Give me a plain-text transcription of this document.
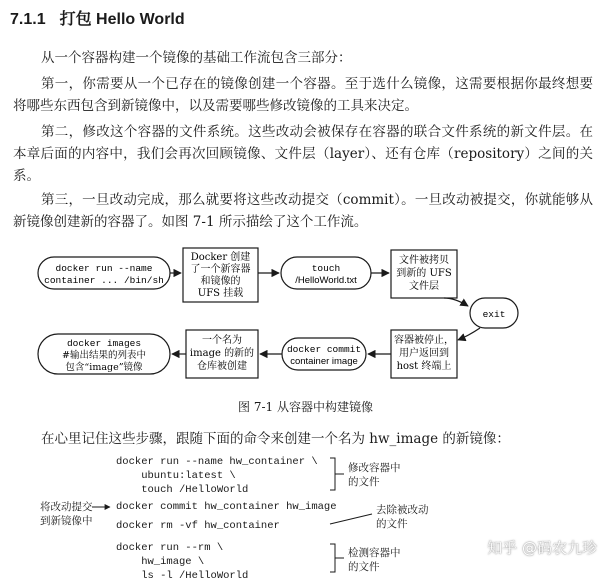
7.1.1 打包 Hello World
从一个容器构建一个镜像的基础工作流包含三部分：
第一，你需要从一个已存在的镜像创建一个容器。至于选什么镜像，这需要根据你最终想要将哪些东西包含到新镜像中，以及需要哪些修改镜像的工具来决定。
第二，修改这个容器的文件系统。这些改动会被保存在容器的联合文件系统的新文件层。在本章后面的内容中，我们会再次回顾镜像、文件层（layer）、还有仓库（repository）之间的关系。
第三，一旦改动完成，那么就要将这些改动提交（commit）。一旦改动被提交，你就能够从新镜像创建新的容器了。如图 7-1 所示描绘了这个工作流。
docker run --name
container ... /bin/sh
Docker 创建
了一个新容器
和镜像的
UFS 挂载
touch
/HelloWorld.txt
文件被拷贝
到新的 UFS
文件层
exit
容器被停止，
用户返回到
host 终端上
docker commit
container image
一个名为
image 的新的
仓库被创建
docker images
#输出结果的列表中
包含“image”镜像
图 7-1 从容器中构建镜像
在心里记住这些步骤，跟随下面的命令来创建一个名为 hw_image 的新镜像：
docker run --name hw_container \
ubuntu:latest \
touch /HelloWorld
docker commit hw_container hw_image
docker rm -vf hw_container
docker run --rm \
hw_image \
ls -l /HelloWorld
修改容器中
的文件
将改动提交
到新镜像中
去除被改动
的文件
检测容器中
的文件
知乎 @码农九珍
